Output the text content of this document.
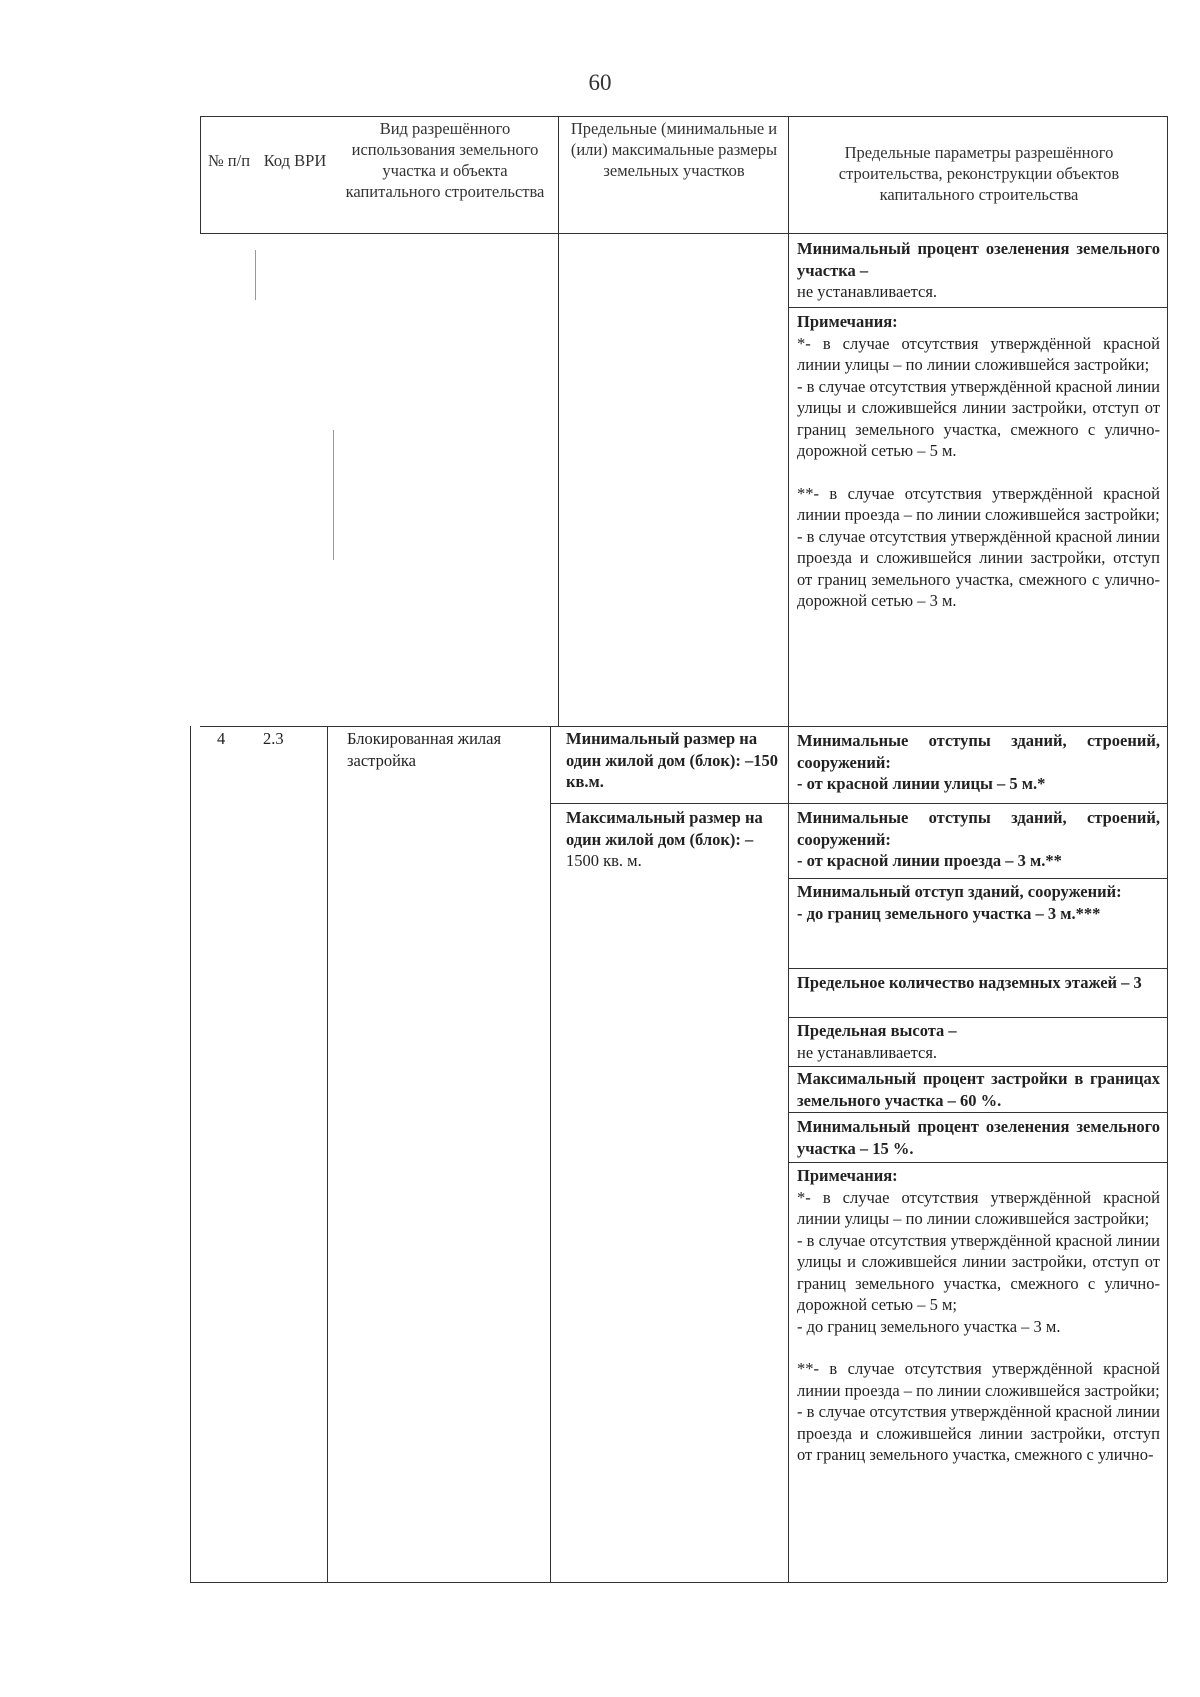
60
№ п/п Код ВРИ
Вид разрешённого использования земельного участка и объекта капитального строительства
Предельные (минимальные и (или) максимальные размеры земельных участков
Предельные параметры разрешённого строительства, реконструкции объектов капитального строительства
Минимальный процент озеленения земельного участка –
не устанавливается.
Примечания:
*- в случае отсутствия утверждённой красной линии улицы – по линии сложившейся застройки;
- в случае отсутствия утверждённой красной линии улицы и сложившейся линии застройки, отступ от границ земельного участка, смежного с улично-дорожной сетью – 5 м.
**- в случае отсутствия утверждённой красной линии проезда – по линии сложившейся застройки;
- в случае отсутствия утверждённой красной линии проезда и сложившейся линии застройки, отступ от границ земельного участка, смежного с улично-дорожной сетью – 3 м.
4 2.3	Блокированная жилая застройка
Минимальный размер на один жилой дом (блок): –150 кв.м.
Максимальный размер на один жилой дом (блок): –
1500 кв. м.
Минимальные отступы зданий, строений, сооружений:
- от красной линии улицы – 5 м.*
Минимальные отступы зданий, строений, сооружений:
- от красной линии проезда – 3 м.**
Минимальный отступ зданий, сооружений:
- до границ земельного участка – 3 м.***
Предельное количество надземных этажей – 3
Предельная высота –
не устанавливается.
Максимальный процент застройки в границах земельного участка – 60 %.
Минимальный процент озеленения земельного участка – 15 %.
Примечания:
*- в случае отсутствия утверждённой красной линии улицы – по линии сложившейся застройки;
- в случае отсутствия утверждённой красной линии улицы и сложившейся линии застройки, отступ от границ земельного участка, смежного с улично-дорожной сетью – 5 м;
- до границ земельного участка – 3 м.
**- в случае отсутствия утверждённой красной линии проезда – по линии сложившейся застройки;
- в случае отсутствия утверждённой красной линии проезда и сложившейся линии застройки, отступ от границ земельного участка, смежного с улично-
